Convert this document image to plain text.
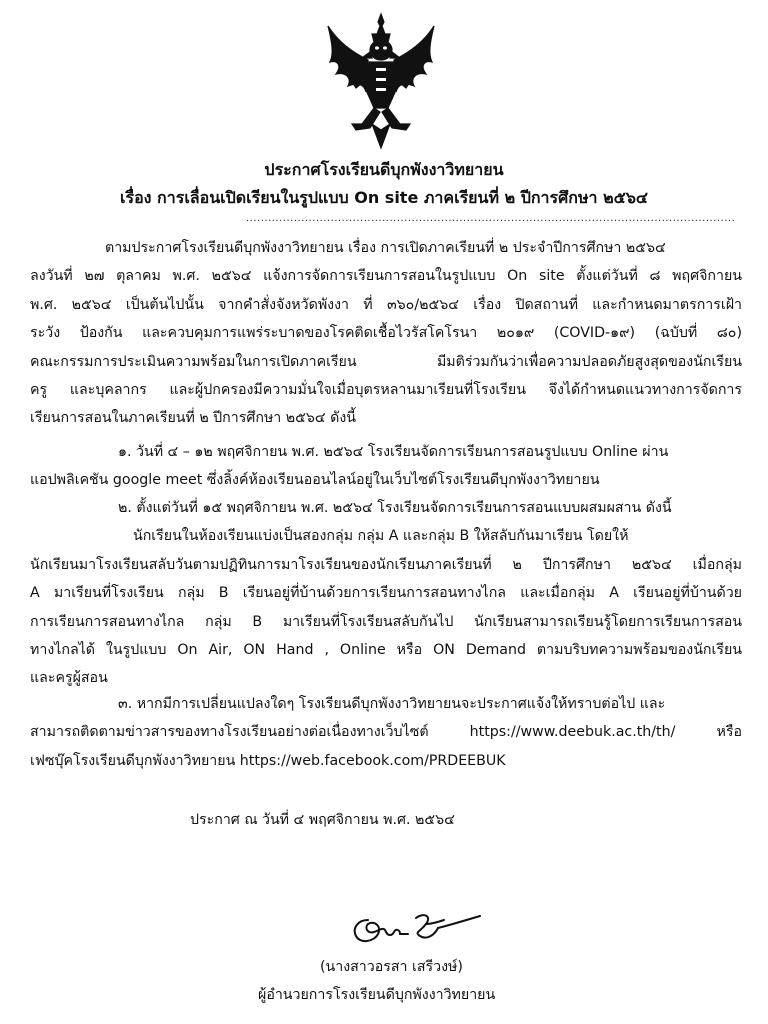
ประกาศโรงเรียนดีบุกพังงาวิทยายน
เรื่อง การเลื่อนเปิดเรียนในรูปแบบ On site ภาคเรียนที่ ๒ ปีการศึกษา ๒๕๖๔
.....................................................................................................................................
ตามประกาศโรงเรียนดีบุกพังงาวิทยายน เรื่อง การเปิดภาคเรียนที่ ๒ ประจำปีการศึกษา ๒๕๖๔
ลงวันที่ ๒๗ ตุลาคม พ.ศ. ๒๕๖๔ แจ้งการจัดการเรียนการสอนในรูปแบบ On site ตั้งแต่วันที่ ๘ พฤศจิกายน
พ.ศ. ๒๕๖๔ เป็นต้นไปนั้น จากคำสั่งจังหวัดพังงา ที่ ๓๖๐/๒๕๖๔ เรื่อง ปิดสถานที่ และกำหนดมาตรการเฝ้า
ระวัง ป้องกัน และควบคุมการแพร่ระบาดของโรคติดเชื้อไวรัสโคโรนา ๒๐๑๙ (COVID-๑๙) (ฉบับที่ ๘๐)
คณะกรรมการประเมินความพร้อมในการเปิดภาคเรียน มีมติร่วมกันว่าเพื่อความปลอดภัยสูงสุดของนักเรียน
ครู และบุคลากร และผู้ปกครองมีความมั่นใจเมื่อบุตรหลานมาเรียนที่โรงเรียน จึงได้กำหนดแนวทางการจัดการ
เรียนการสอนในภาคเรียนที่ ๒ ปีการศึกษา ๒๕๖๔ ดังนี้
๑. วันที่ ๔ – ๑๒ พฤศจิกายน พ.ศ. ๒๕๖๔ โรงเรียนจัดการเรียนการสอนรูปแบบ Online ผ่าน
แอปพลิเคชัน google meet ซึ่งลิ้งค์ห้องเรียนออนไลน์อยู่ในเว็บไซต์โรงเรียนดีบุกพังงาวิทยายน
๒. ตั้งแต่วันที่ ๑๕ พฤศจิกายน พ.ศ. ๒๕๖๔ โรงเรียนจัดการเรียนการสอนแบบผสมผสาน ดังนี้
นักเรียนในห้องเรียนแบ่งเป็นสองกลุ่ม กลุ่ม A และกลุ่ม B ให้สลับกันมาเรียน โดยให้
นักเรียนมาโรงเรียนสลับวันตามปฏิทินการมาโรงเรียนของนักเรียนภาคเรียนที่ ๒ ปีการศึกษา ๒๕๖๔ เมื่อกลุ่ม
A มาเรียนที่โรงเรียน กลุ่ม B เรียนอยู่ที่บ้านด้วยการเรียนการสอนทางไกล และเมื่อกลุ่ม A เรียนอยู่ที่บ้านด้วย
การเรียนการสอนทางไกล กลุ่ม B มาเรียนที่โรงเรียนสลับกันไป นักเรียนสามารถเรียนรู้โดยการเรียนการสอน
ทางไกลได้ ในรูปแบบ On Air, ON Hand , Online หรือ ON Demand ตามบริบทความพร้อมของนักเรียน
และครูผู้สอน
๓. หากมีการเปลี่ยนแปลงใดๆ โรงเรียนดีบุกพังงาวิทยายนจะประกาศแจ้งให้ทราบต่อไป และ
สามารถติดตามข่าวสารของทางโรงเรียนอย่างต่อเนื่องทางเว็บไซต์ https://www.deebuk.ac.th/th/ หรือ
เฟซบุ๊คโรงเรียนดีบุกพังงาวิทยายน https://web.facebook.com/PRDEEBUK
ประกาศ ณ วันที่ ๔ พฤศจิกายน พ.ศ. ๒๕๖๔
(นางสาวอรสา เสรีวงษ์)
ผู้อำนวยการโรงเรียนดีบุกพังงาวิทยายน
